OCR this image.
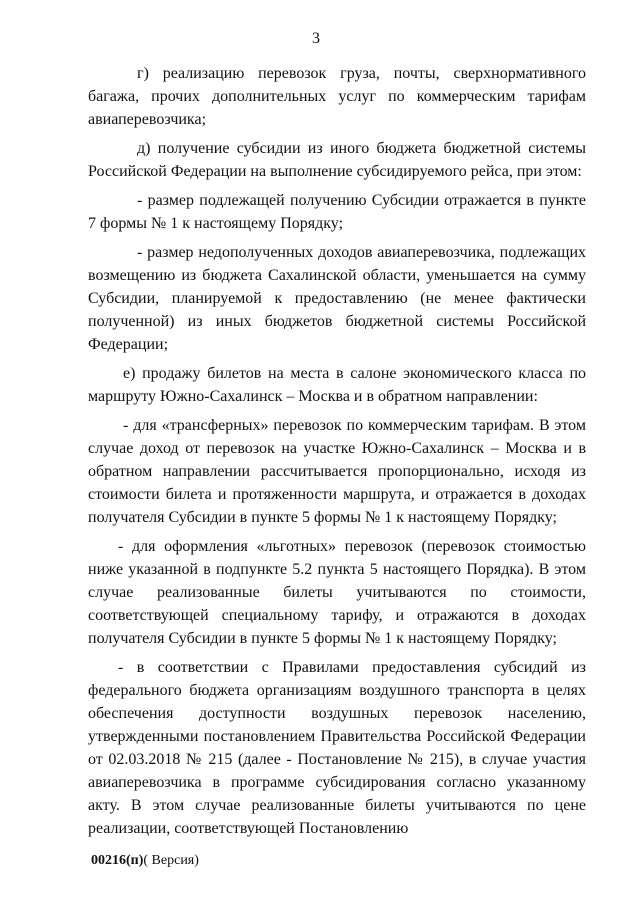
3

г) реализацию перевозок груза, почты, сверхнормативного багажа, прочих дополнительных услуг по коммерческим тарифам авиаперевозчика;

д) получение субсидии из иного бюджета бюджетной системы Российской Федерации на выполнение субсидируемого рейса, при этом:

- размер подлежащей получению Субсидии отражается в пункте 7 формы № 1 к настоящему Порядку;

- размер недополученных доходов авиаперевозчика, подлежащих возмещению из бюджета Сахалинской области, уменьшается на сумму Субсидии, планируемой к предоставлению (не менее фактически полученной) из иных бюджетов бюджетной системы Российской Федерации;

е) продажу билетов на места в салоне экономического класса по маршруту Южно-Сахалинск – Москва и в обратном направлении:

- для «трансферных» перевозок по коммерческим тарифам. В этом случае доход от перевозок на участке Южно-Сахалинск – Москва и в обратном направлении рассчитывается пропорционально, исходя из стоимости билета и протяженности маршрута, и отражается в доходах получателя Субсидии в пункте 5 формы № 1 к настоящему Порядку;

- для оформления «льготных» перевозок (перевозок стоимостью ниже указанной в подпункте 5.2 пункта 5 настоящего Порядка). В этом случае реализованные билеты учитываются по стоимости, соответствующей специальному тарифу, и отражаются в доходах получателя Субсидии в пункте 5 формы № 1 к настоящему Порядку;

- в соответствии с Правилами предоставления субсидий из федерального бюджета организациям воздушного транспорта в целях обеспечения доступности воздушных перевозок населению, утвержденными постановлением Правительства Российской Федерации от 02.03.2018 № 215 (далее - Постановление № 215), в случае участия авиаперевозчика в программе субсидирования согласно указанному акту. В этом случае реализованные билеты учитываются по цене реализации, соответствующей Постановлению

00216(п)( Версия)
